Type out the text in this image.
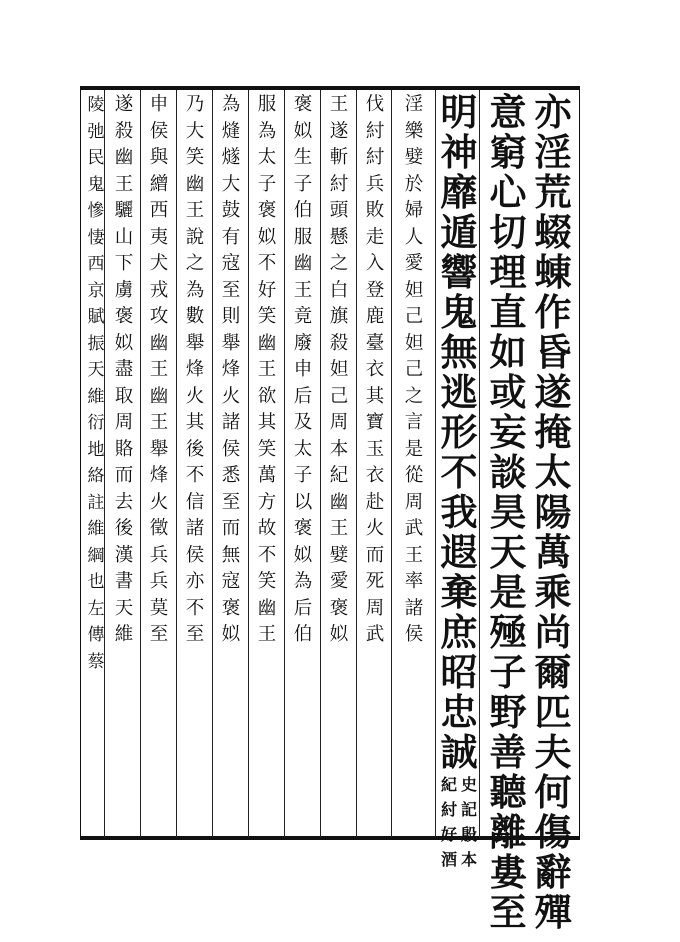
亦
淫
荒
蝃
蝀
作
昏
遂
掩
太
陽
萬
乘
尚
爾
匹
夫
何
傷
辭
殫
意
窮
心
切
理
直
如
或
妄
談
昊
天
是
殛
子
野
善
聽
離
婁
至
明
神
靡
遁
響
鬼
無
逃
形
不
我
遐
棄
庶
昭
忠
誠
史
記
殷
本
紀
紂
好
酒
淫
樂
嬖
於
婦
人
愛
妲
己
妲
己
之
言
是
從
周
武
王
率
諸
侯
伐
紂
紂
兵
敗
走
入
登
鹿
臺
衣
其
寶
玉
衣
赴
火
而
死
周
武
王
遂
斬
紂
頭
懸
之
白
旗
殺
妲
己
周
本
紀
幽
王
嬖
愛
褒
姒
褒
姒
生
子
伯
服
幽
王
竟
廢
申
后
及
太
子
以
褒
姒
為
后
伯
服
為
太
子
褒
姒
不
好
笑
幽
王
欲
其
笑
萬
方
故
不
笑
幽
王
為
熢
燧
大
鼓
有
寇
至
則
舉
烽
火
諸
侯
悉
至
而
無
寇
褒
姒
乃
大
笑
幽
王
說
之
為
數
舉
烽
火
其
後
不
信
諸
侯
亦
不
至
申
侯
與
繒
西
夷
犬
戎
攻
幽
王
幽
王
舉
烽
火
徵
兵
兵
莫
至
遂
殺
幽
王
驪
山
下
虜
褒
姒
盡
取
周
賂
而
去
後
漢
書
天
維
陵
弛
民
鬼
慘
悽
西
京
賦
振
天
維
衍
地
絡
註
維
綱
也
左
傳
蔡
